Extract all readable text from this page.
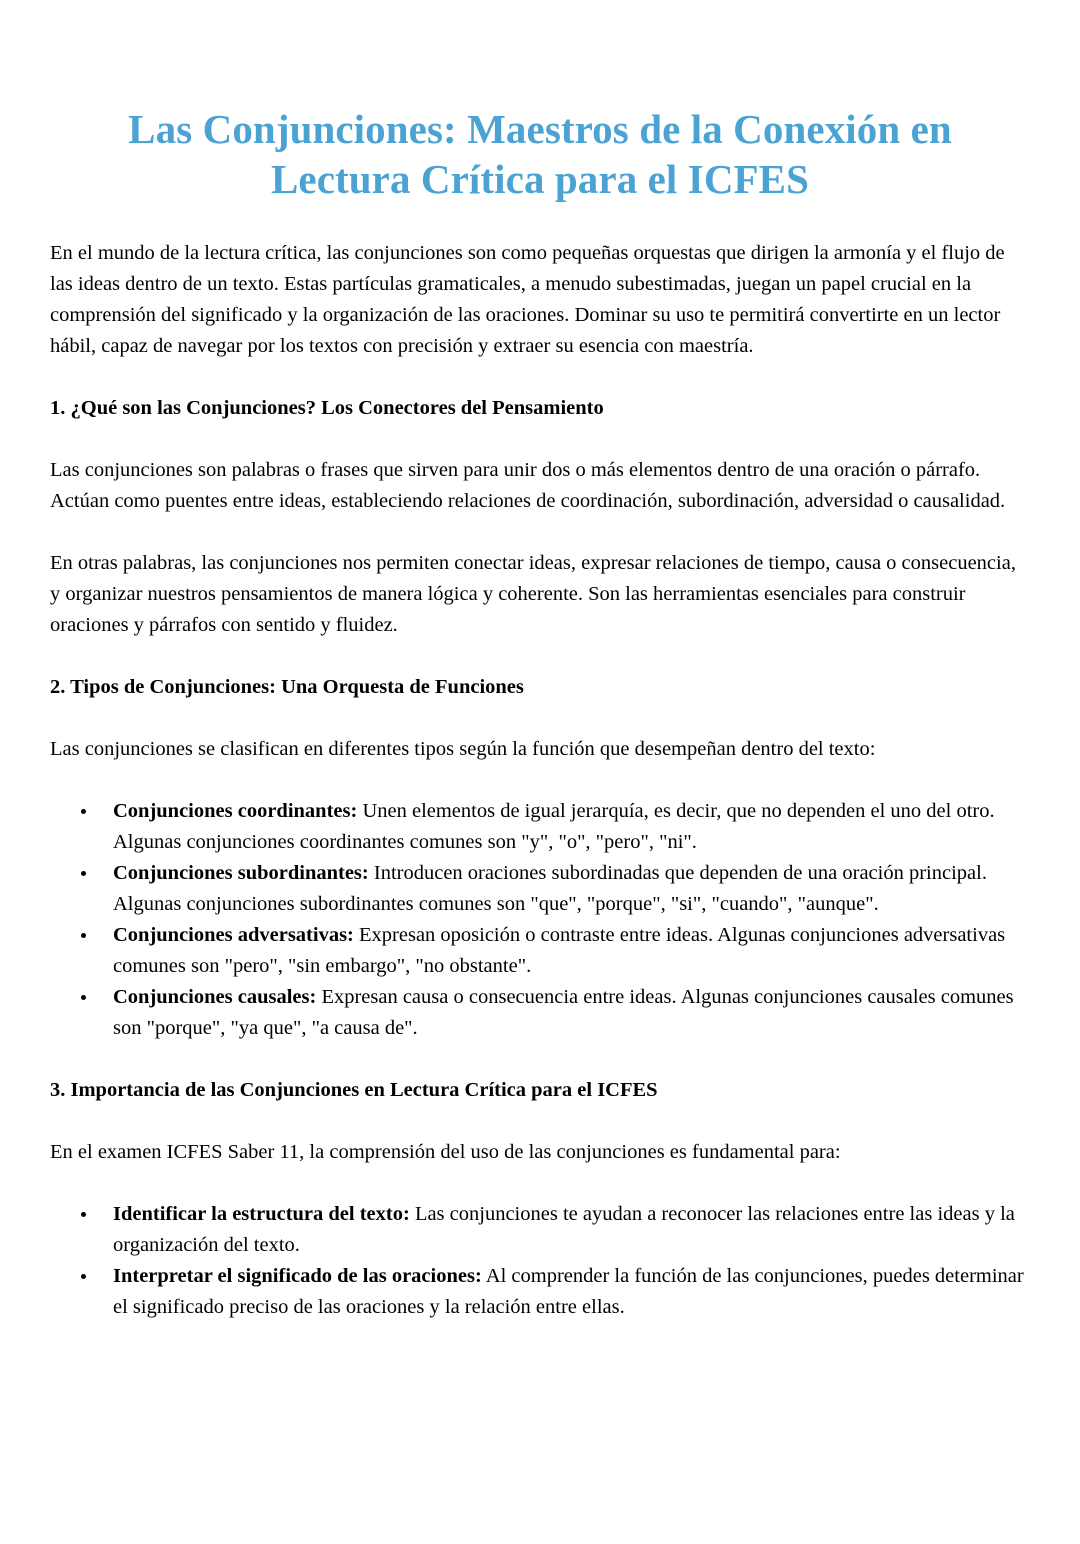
Las Conjunciones: Maestros de la Conexión en Lectura Crítica para el ICFES

En el mundo de la lectura crítica, las conjunciones son como pequeñas orquestas que dirigen la armonía y el flujo de las ideas dentro de un texto. Estas partículas gramaticales, a menudo subestimadas, juegan un papel crucial en la comprensión del significado y la organización de las oraciones. Dominar su uso te permitirá convertirte en un lector hábil, capaz de navegar por los textos con precisión y extraer su esencia con maestría.

1. ¿Qué son las Conjunciones? Los Conectores del Pensamiento

Las conjunciones son palabras o frases que sirven para unir dos o más elementos dentro de una oración o párrafo. Actúan como puentes entre ideas, estableciendo relaciones de coordinación, subordinación, adversidad o causalidad.

En otras palabras, las conjunciones nos permiten conectar ideas, expresar relaciones de tiempo, causa o consecuencia, y organizar nuestros pensamientos de manera lógica y coherente. Son las herramientas esenciales para construir oraciones y párrafos con sentido y fluidez.

2. Tipos de Conjunciones: Una Orquesta de Funciones

Las conjunciones se clasifican en diferentes tipos según la función que desempeñan dentro del texto:

Conjunciones coordinantes: Unen elementos de igual jerarquía, es decir, que no dependen el uno del otro. Algunas conjunciones coordinantes comunes son "y", "o", "pero", "ni".
Conjunciones subordinantes: Introducen oraciones subordinadas que dependen de una oración principal. Algunas conjunciones subordinantes comunes son "que", "porque", "si", "cuando", "aunque".
Conjunciones adversativas: Expresan oposición o contraste entre ideas. Algunas conjunciones adversativas comunes son "pero", "sin embargo", "no obstante".
Conjunciones causales: Expresan causa o consecuencia entre ideas. Algunas conjunciones causales comunes son "porque", "ya que", "a causa de".
3. Importancia de las Conjunciones en Lectura Crítica para el ICFES

En el examen ICFES Saber 11, la comprensión del uso de las conjunciones es fundamental para:

Identificar la estructura del texto: Las conjunciones te ayudan a reconocer las relaciones entre las ideas y la organización del texto.
Interpretar el significado de las oraciones: Al comprender la función de las conjunciones, puedes determinar el significado preciso de las oraciones y la relación entre ellas.
